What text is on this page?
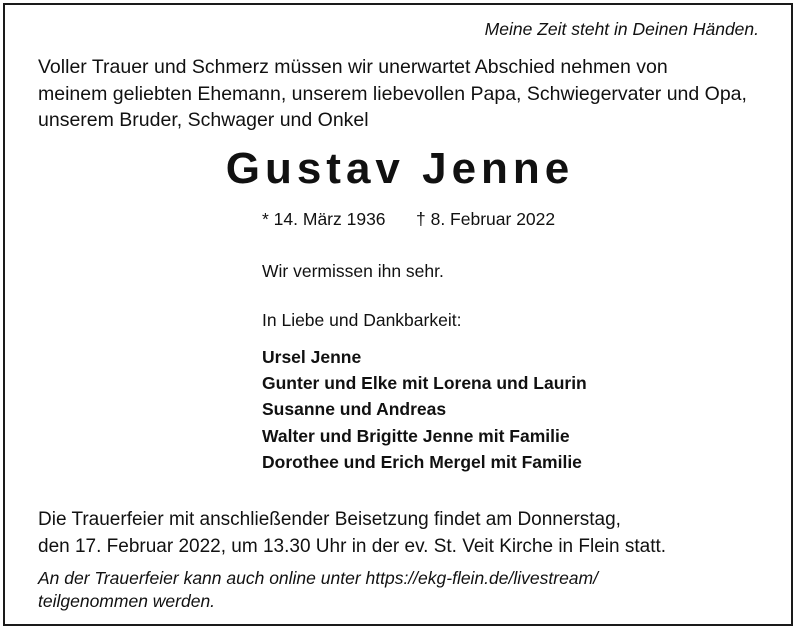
Meine Zeit steht in Deinen Händen.
Voller Trauer und Schmerz müssen wir unerwartet Abschied nehmen von
meinem geliebten Ehemann, unserem liebevollen Papa, Schwiegervater und Opa,
unserem Bruder, Schwager und Onkel
Gustav Jenne
* 14. März 1936 † 8. Februar 2022
Wir vermissen ihn sehr.
In Liebe und Dankbarkeit:
Ursel Jenne
Gunter und Elke mit Lorena und Laurin
Susanne und Andreas
Walter und Brigitte Jenne mit Familie
Dorothee und Erich Mergel mit Familie
Die Trauerfeier mit anschließender Beisetzung findet am Donnerstag,
den 17. Februar 2022, um 13.30 Uhr in der ev. St. Veit Kirche in Flein statt.
An der Trauerfeier kann auch online unter https://ekg-flein.de/livestream/
teilgenommen werden.
